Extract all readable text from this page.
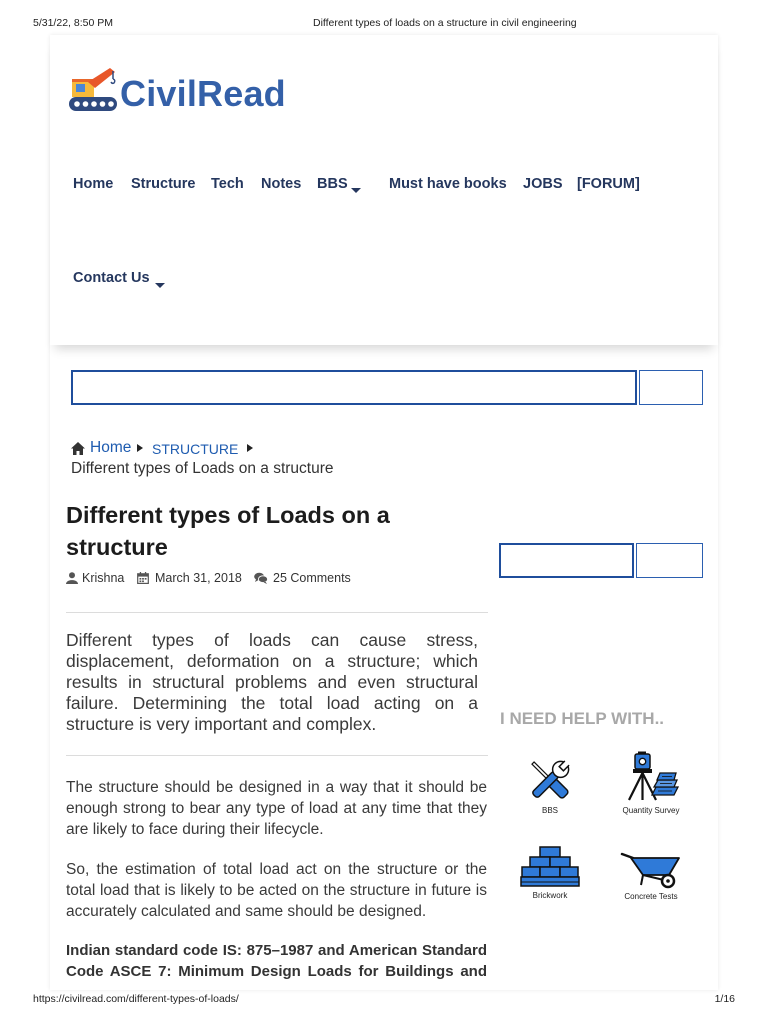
5/31/22, 8:50 PM	Different types of loads on a structure in civil engineering
CivilRead
Home Structure Tech Notes BBS	Must have books JOBS [FORUM]
Contact Us
Home STRUCTURE
Different types of Loads on a structure
Different types of Loads on a structure
Krishna March 31, 2018 25 Comments

Different types of loads can cause stress, displacement, deformation on a structure; which results in structural problems and even structural failure. Determining the total load acting on a structure is very important and complex.

The structure should be designed in a way that it should be enough strong to bear any type of load at any time that they are likely to face during their lifecycle.

So, the estimation of total load act on the structure or the total load that is likely to be acted on the structure in future is accurately calculated and same should be designed.

Indian standard code IS: 875–1987 and American Standard Code ASCE 7: Minimum Design Loads for Buildings and

I NEED HELP WITH..
BBS	Quantity Survey
Brickwork	Concrete Tests
https://civilread.com/different-types-of-loads/	1/16
